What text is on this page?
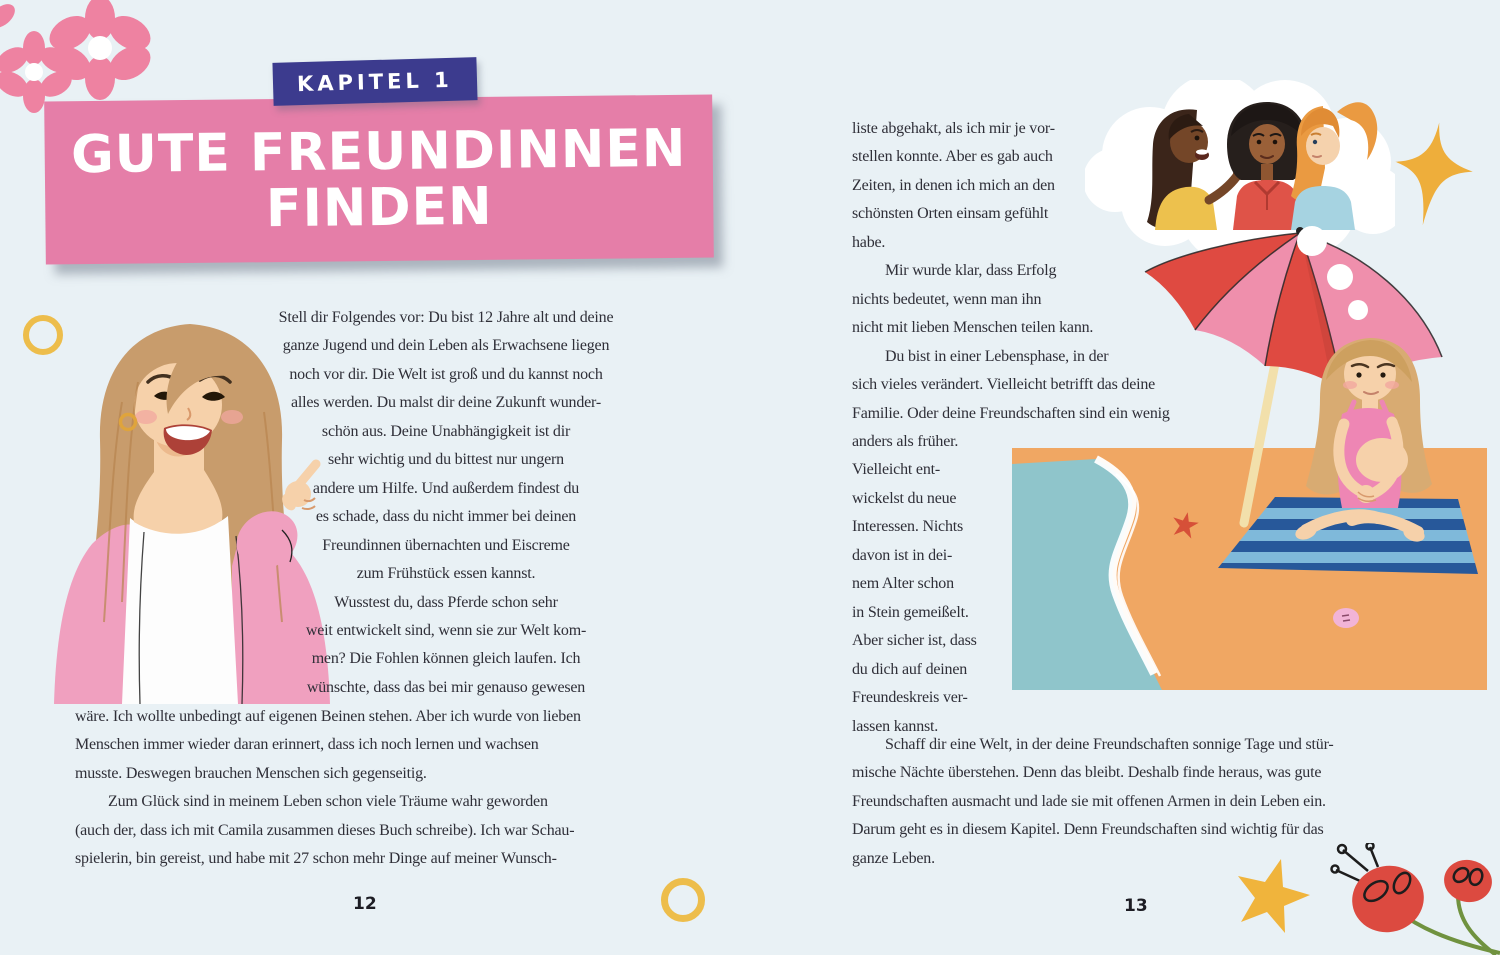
KAPITEL 1
GUTE FREUNDINNEN
FINDEN
Stell dir Folgendes vor: Du bist 12 Jahre alt und deine
ganze Jugend und dein Leben als Erwachsene liegen
noch vor dir. Die Welt ist groß und du kannst noch
alles werden. Du malst dir deine Zukunft wunder-
schön aus. Deine Unabhängigkeit ist dir
sehr wichtig und du bittest nur ungern
andere um Hilfe. Und außerdem findest du
es schade, dass du nicht immer bei deinen
Freundinnen übernachten und Eiscreme
zum Frühstück essen kannst.
Wusstest du, dass Pferde schon sehr
weit entwickelt sind, wenn sie zur Welt kom-
men? Die Fohlen können gleich laufen. Ich
wünschte, dass das bei mir genauso gewesen
wäre. Ich wollte unbedingt auf eigenen Beinen stehen. Aber ich wurde von lieben
Menschen immer wieder daran erinnert, dass ich noch lernen und wachsen
musste. Deswegen brauchen Menschen sich gegenseitig.
Zum Glück sind in meinem Leben schon viele Träume wahr geworden
(auch der, dass ich mit Camila zusammen dieses Buch schreibe). Ich war Schau-
spielerin, bin gereist, und habe mit 27 schon mehr Dinge auf meiner Wunsch-
12
liste abgehakt, als ich mir je vor-
stellen konnte. Aber es gab auch
Zeiten, in denen ich mich an den
schönsten Orten einsam gefühlt
habe.
Mir wurde klar, dass Erfolg
nichts bedeutet, wenn man ihn
nicht mit lieben Menschen teilen kann.
Du bist in einer Lebensphase, in der
sich vieles verändert. Vielleicht betrifft das deine
Familie. Oder deine Freundschaften sind ein wenig
anders als früher.
Vielleicht ent-
wickelst du neue
Interessen. Nichts
davon ist in dei-
nem Alter schon
in Stein gemeißelt.
Aber sicher ist, dass
du dich auf deinen
Freundeskreis ver-
lassen kannst.
Schaff dir eine Welt, in der deine Freundschaften sonnige Tage und stür-
mische Nächte überstehen. Denn das bleibt. Deshalb finde heraus, was gute
Freundschaften ausmacht und lade sie mit offenen Armen in dein Leben ein.
Darum geht es in diesem Kapitel. Denn Freundschaften sind wichtig für das
ganze Leben.
13
